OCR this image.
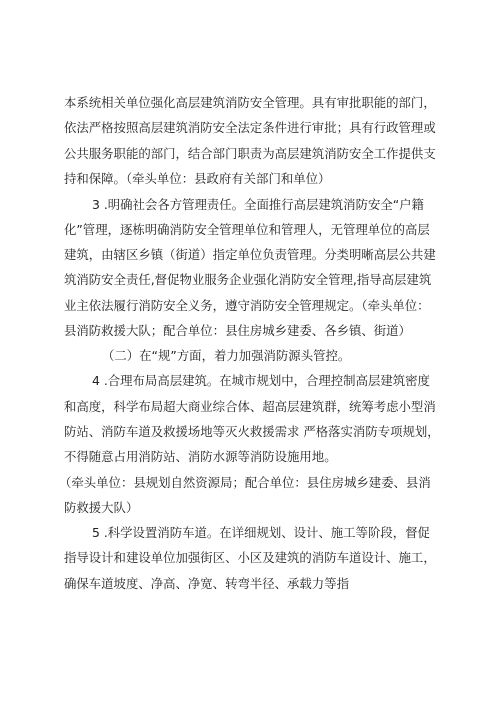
本系统相关单位强化高层建筑消防安全管理。具有审批职能的部门，
依法严格按照高层建筑消防安全法定条件进行审批；具有行政管理或
公共服务职能的部门，结合部门职责为高层建筑消防安全工作提供支
持和保障。（牵头单位：县政府有关部门和单位）
3 .明确社会各方管理责任。全面推行高层建筑消防安全“户籍
化”管理，逐栋明确消防安全管理单位和管理人，无管理单位的高层
建筑，由辖区乡镇（街道）指定单位负责管理。分类明晰高层公共建
筑消防安全责任,督促物业服务企业强化消防安全管理,指导高层建筑
业主依法履行消防安全义务，遵守消防安全管理规定。（牵头单位：
县消防救援大队；配合单位：县住房城乡建委、各乡镇、街道）
（二）在“规”方面，着力加强消防源头管控。
4 .合理布局高层建筑。在城市规划中，合理控制高层建筑密度
和高度，科学布局超大商业综合体、超高层建筑群，统筹考虑小型消
防站、消防车道及救援场地等灭火救援需求 严格落实消防专项规划，
不得随意占用消防站、消防水源等消防设施用地。
（牵头单位：县规划自然资源局；配合单位：县住房城乡建委、县消
防救援大队）
5 .科学设置消防车道。在详细规划、设计、施工等阶段，督促
指导设计和建设单位加强街区、小区及建筑的消防车道设计、施工，
确保车道坡度、净高、净宽、转弯半径、承载力等指
